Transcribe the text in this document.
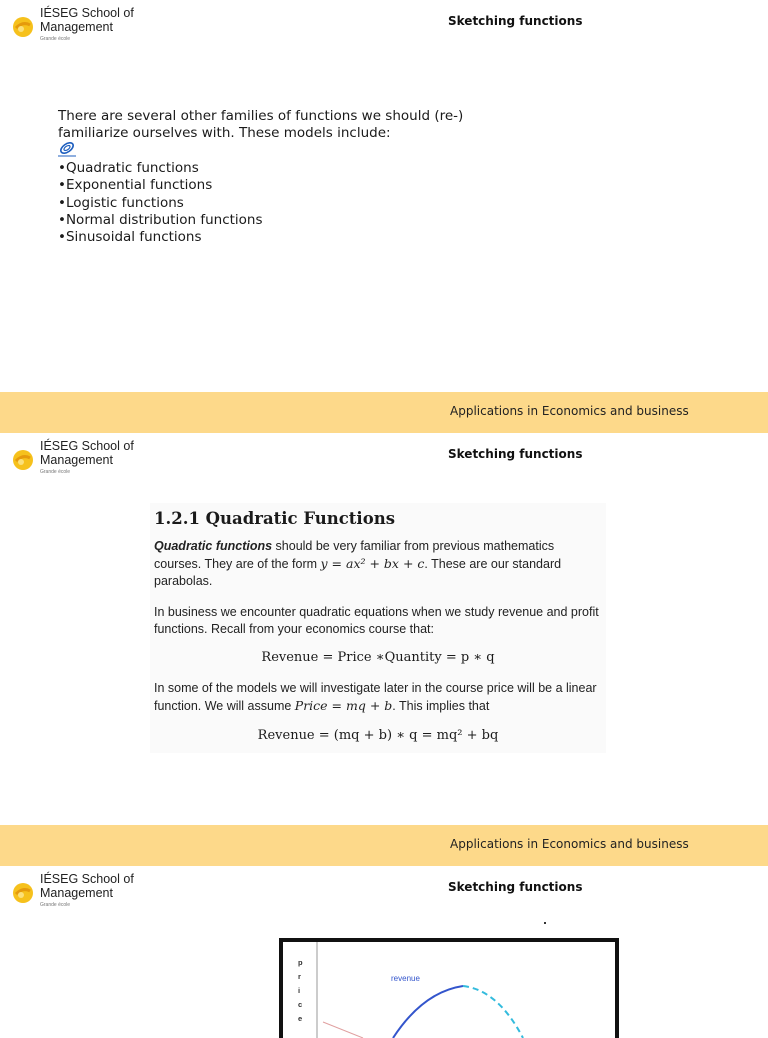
IÉSEG School of
Management
Grande école
Sketching functions
There are several other families of functions we should (re-) familiarize ourselves with. These models include:
•Quadratic functions
•Exponential functions
•Logistic functions
•Normal distribution functions
•Sinusoidal functions
Applications in Economics and business
IÉSEG School of
Management
Grande école
Sketching functions
1.2.1 Quadratic Functions

Quadratic functions should be very familiar from previous mathematics courses. They are of the form y = ax² + bx + c. These are our standard parabolas.

In business we encounter quadratic equations when we study revenue and profit functions. Recall from your economics course that:

Revenue = Price ∗Quantity = p ∗ q

In some of the models we will investigate later in the course price will be a linear function. We will assume Price = mq + b. This implies that

Revenue = (mq + b) ∗ q = mq² + bq
Applications in Economics and business
IÉSEG School of
Management
Grande école
Sketching functions
p
r
i
c
e
revenue
